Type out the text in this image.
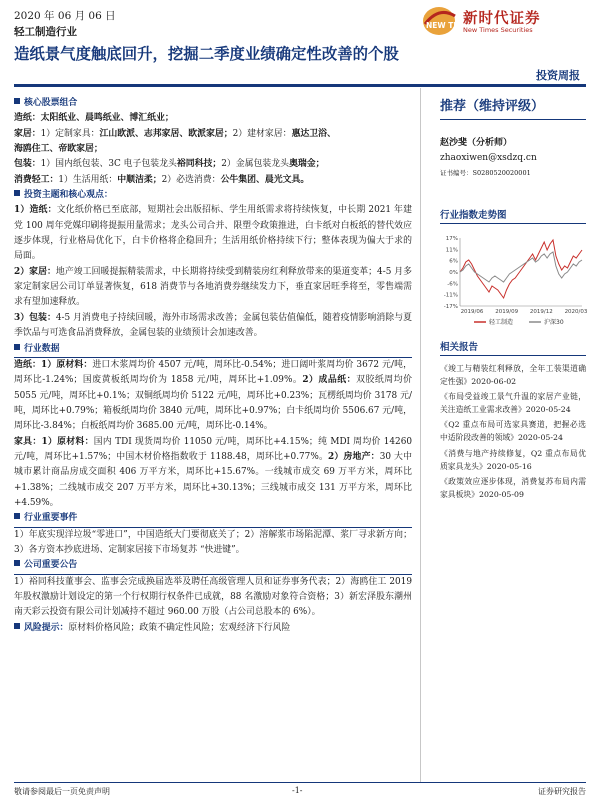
2020 年 06 月 06 日
轻工制造行业
NEW TIMES
新时代证券
New Times Securities
造纸景气度触底回升，挖掘二季度业绩确定性改善的个股
投资周报
核心股票组合
造纸：太阳纸业、晨鸣纸业、博汇纸业；
家居：1）定制家具：江山欧派、志邦家居、欧派家居；2）建材家居：惠达卫浴、
海鸥住工、帝欧家居；
包装：1）国内纸包装、3C 电子包装龙头裕同科技；2）金属包装龙头奥瑞金；
消费轻工：1）生活用纸：中顺洁柔；2）必选消费：公牛集团、晨光文具。
投资主题和核心观点：
1）造纸：文化纸价格已至底部，短期社会出版招标、学生用纸需求将持续恢复，中长期 2021 年建党 100 周年党媒印刷将提振用量需求；龙头公司合并、限塑令政策推进，白卡纸对白板纸的替代效应逐步体现，行业格局优化下，白卡价格将企稳回升；生活用纸价格持续下行；整体表现为偏大于求的局面。
2）家居：地产竣工回暖提振精装需求，中长期将持续受到精装房红利释放带来的渠道变革；4-5 月多家定制家居公司订单显著恢复，618 消费节与各地消费券继续发力下，垂直家居旺季将至，零售端需求有望加速释放。
3）包装：4-5 月消费电子持续回暖，海外市场需求改善；金属包装估值偏低，随着疫情影响消除与夏季饮品与可选食品消费释放，金属包装的业绩预计会加速改善。
行业数据
造纸：1）原材料：进口木浆周均价 4507 元/吨，周环比-0.54%；进口阔叶浆周均价 3672 元/吨，周环比-1.24%；国废黄板纸周均价为 1858 元/吨，周环比+1.09%。2）成品纸：双胶纸周均价 5055 元/吨，周环比+0.1%；双铜纸周均价 5122 元/吨，周环比+0.23%；瓦楞纸周均价 3178 元/吨，周环比+0.79%；箱板纸周均价 3840 元/吨，周环比+0.97%；白卡纸周均价 5506.67 元/吨，周环比-3.84%；白板纸周均价 3685.00 元/吨，周环比-0.14%。
家具：1）原材料：国内 TDI 现货周均价 11050 元/吨，周环比+4.15%；纯 MDI 周均价 14260 元/吨，周环比+1.57%；中国木材价格指数收于 1188.48，周环比+0.77%。2）房地产：30 大中城市累计商品房成交面积 406 万平方米，周环比+15.67%。一线城市成交 69 万平方米，周环比+1.38%；二线城市成交 207 万平方米，周环比+30.13%；三线城市成交 131 万平方米，周环比+4.59%。
行业重要事件
1）年底实现洋垃圾“零进口”，中国造纸大门要彻底关了；2）溶解浆市场陷泥潭、浆厂寻求新方向；3）各方资本抄底进场、定制家居接下市场复苏 “快进键”。
公司重要公告
1）裕同科技董事会、监事会完成换届选举及聘任高级管理人员和证券事务代表；2）海鸥住工 2019 年股权激励计划设定的第一个行权期行权条件已成就，88 名激励对象符合资格；3）新宏泽股东潮州南天彩云投资有限公司计划减持不超过 960.00 万股（占公司总股本的 6%）。
风险提示：原材料价格风险；政策不确定性风险；宏观经济下行风险
推荐（维持评级）
赵沙斐（分析师）
zhaoxiwen@xsdzq.cn
证书编号：S0280520020001
行业指数走势图
17%
11%
6%
0%
-6%
-11%
-17%
2019/06 2019/09 2019/12 2020/03
轻工制造	沪深30
相关报告

《竣工与精装红利释放，全年工装渠道确定性强》2020-06-02

《布局受益竣工景气升温的家居产业链，关注造纸工业需求改善》2020-05-24

《Q2 重点布局可选家具赛道，把握必选中适阶段改善的领域》2020-05-24

《消费与地产持续修复，Q2 重点布局优质家具龙头》2020-05-16

《政策效应逐步体现，消费复苏布局内需家具板块》2020-05-09

敬请参阅最后一页免责声明	-1-	证券研究报告
